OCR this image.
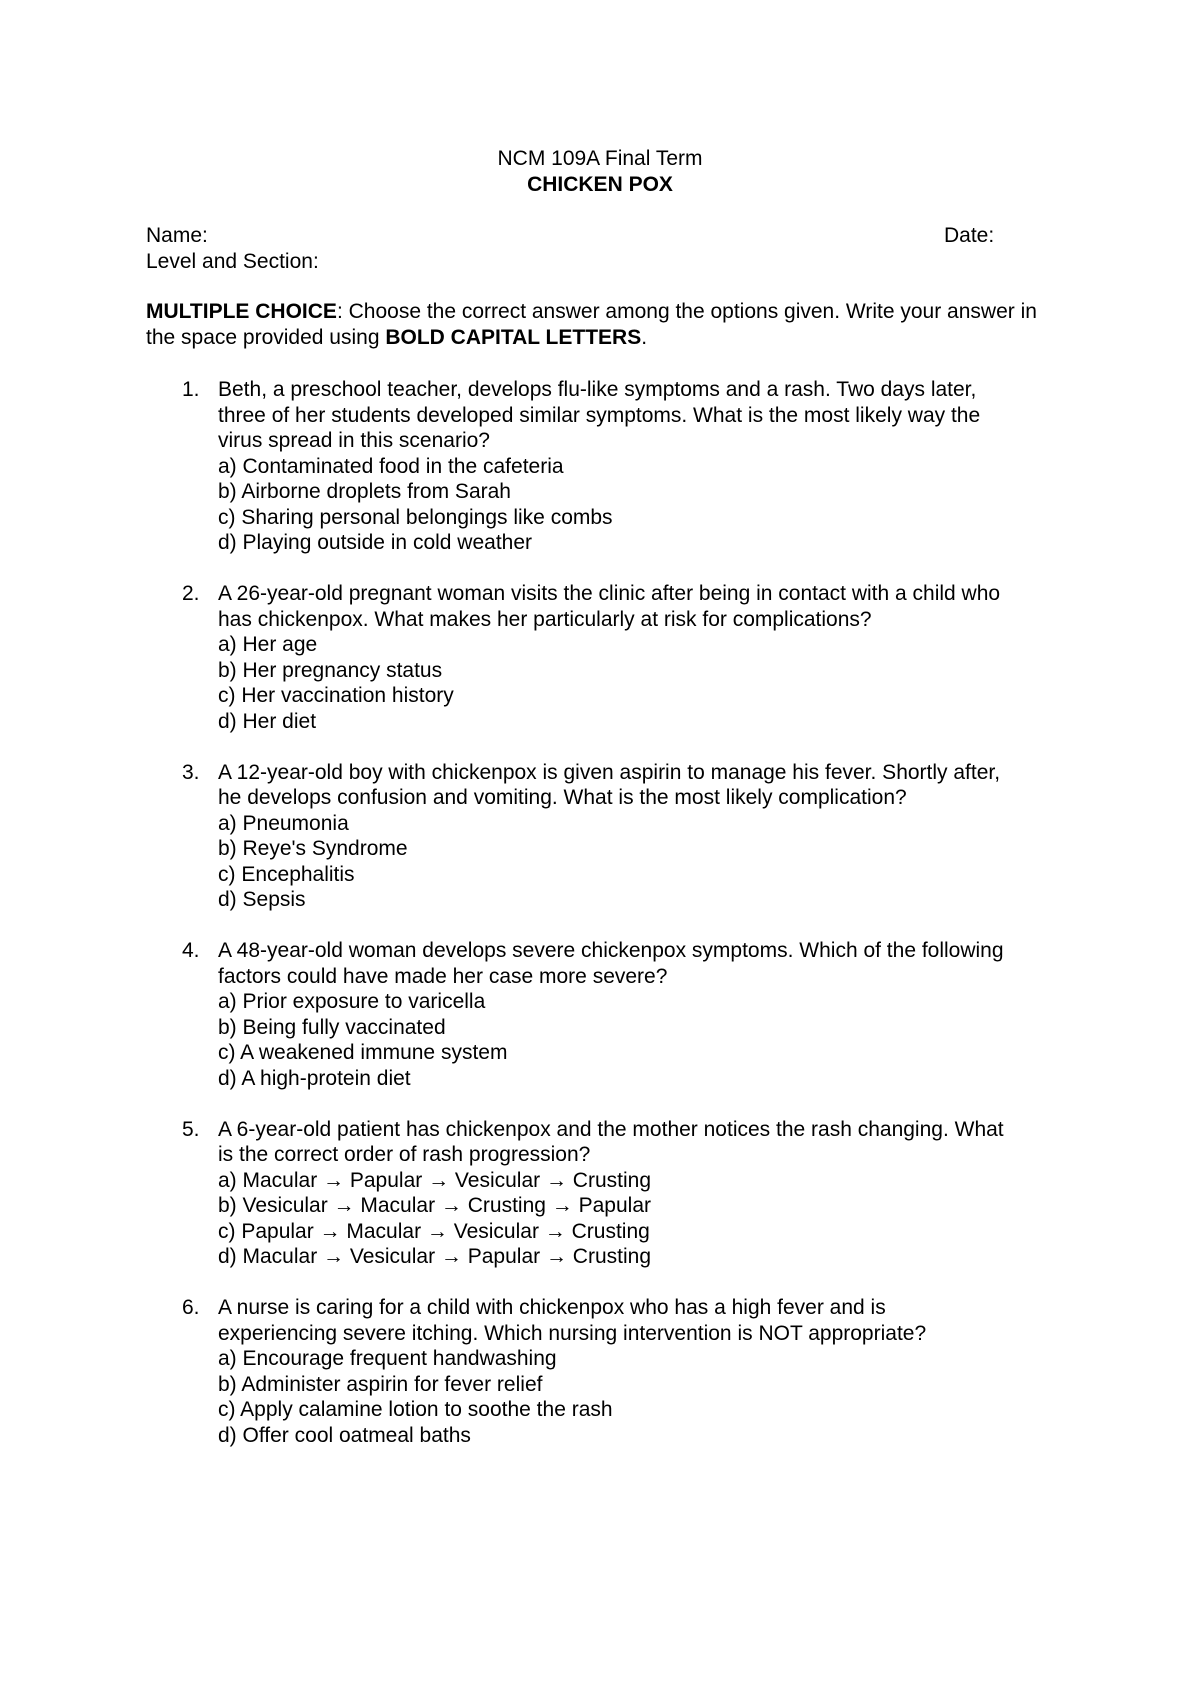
NCM 109A Final Term
CHICKEN POX
Name:	Date:
Level and Section:
MULTIPLE CHOICE: Choose the correct answer among the options given. Write your answer in the space provided using BOLD CAPITAL LETTERS.
1. Beth, a preschool teacher, develops flu-like symptoms and a rash. Two days later,
three of her students developed similar symptoms. What is the most likely way the
virus spread in this scenario?
a) Contaminated food in the cafeteria
b) Airborne droplets from Sarah
c) Sharing personal belongings like combs
d) Playing outside in cold weather
2. A 26-year-old pregnant woman visits the clinic after being in contact with a child who
has chickenpox. What makes her particularly at risk for complications?
a) Her age
b) Her pregnancy status
c) Her vaccination history
d) Her diet
3. A 12-year-old boy with chickenpox is given aspirin to manage his fever. Shortly after,
he develops confusion and vomiting. What is the most likely complication?
a) Pneumonia
b) Reye's Syndrome
c) Encephalitis
d) Sepsis
4. A 48-year-old woman develops severe chickenpox symptoms. Which of the following
factors could have made her case more severe?
a) Prior exposure to varicella
b) Being fully vaccinated
c) A weakened immune system
d) A high-protein diet
5. A 6-year-old patient has chickenpox and the mother notices the rash changing. What
is the correct order of rash progression?
a) Macular → Papular → Vesicular → Crusting
b) Vesicular → Macular → Crusting → Papular
c) Papular → Macular → Vesicular → Crusting
d) Macular → Vesicular → Papular → Crusting
6. A nurse is caring for a child with chickenpox who has a high fever and is
experiencing severe itching. Which nursing intervention is NOT appropriate?
a) Encourage frequent handwashing
b) Administer aspirin for fever relief
c) Apply calamine lotion to soothe the rash
d) Offer cool oatmeal baths
